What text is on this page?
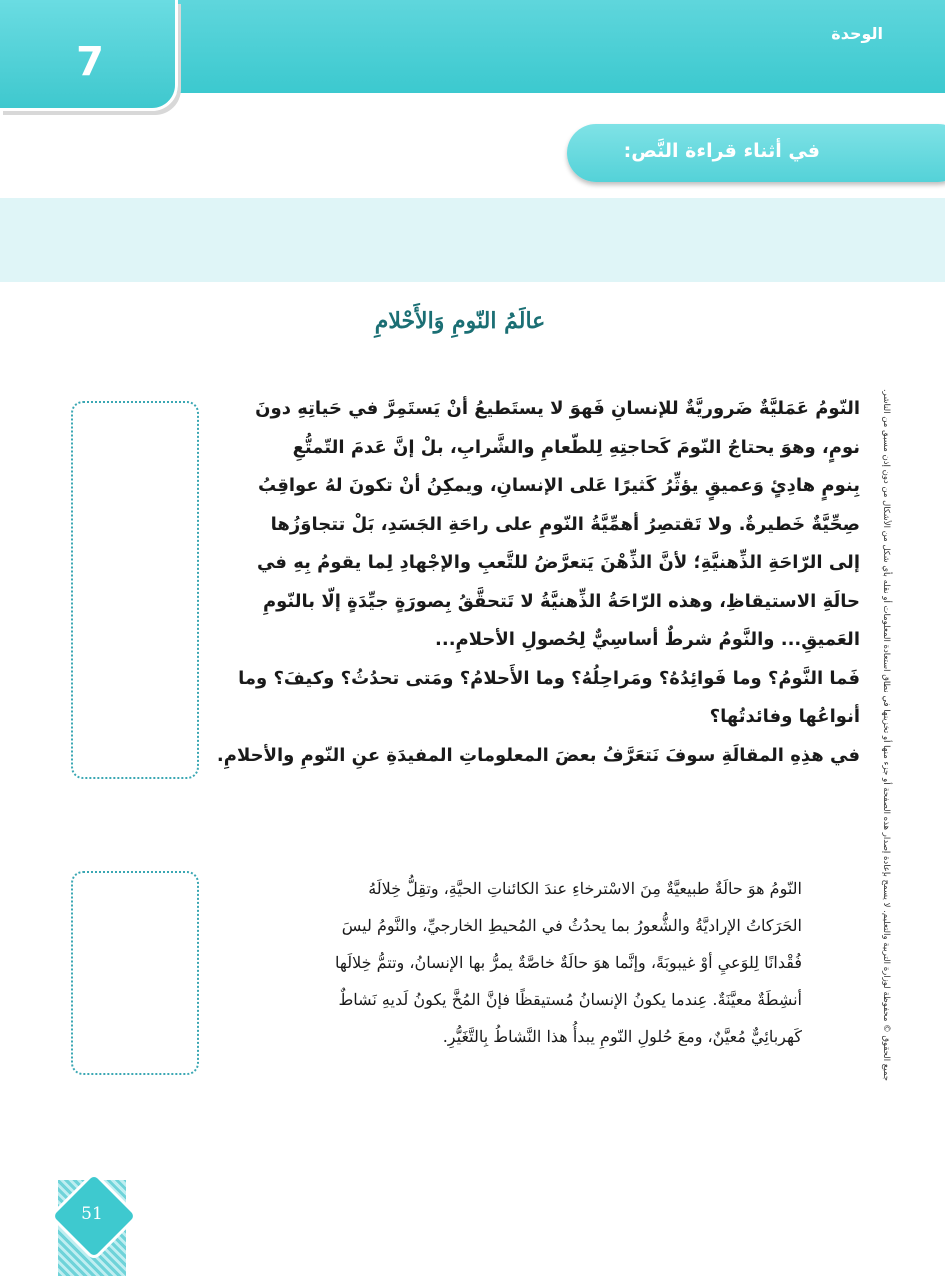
الوحدة
7
في أثناء قراءة النَّص:
جميع الحقوق © محفوظة لوزارة التربية والتعليم. لا يسمح بإعادة إصدار هذه الصفحة أو جزء منها أو تخزينها في نطاق استعادة المعلومات أو نقله بأي شكل من الأشكال من دون إذن مسبق من الناشر.
عالَمُ النّومِ وَالأَحْلامِ
النّومُ عَمَليَّةٌ ضَروريَّةٌ للإنسانِ فَهوَ لا يستَطيعُ أنْ يَستَمِرَّ في حَياتِهِ دونَ
نومٍ، وهوَ يحتاجُ النّومَ كَحاجتِهِ لِلطّعامِ والشَّرابِ، بلْ إنَّ عَدمَ التّمتُّعِ
بِنومٍ هادِئٍ وَعميقٍ يؤثِّرُ كَثيرًا عَلى الإنسانِ، ويمكِنُ أنْ تكونَ لهُ عواقِبُ
صِحِّيَّةٌ خَطيرةٌ. ولا تَقتصِرُ أهمِّيَّةُ النّومِ على راحَةِ الجَسَدِ، بَلْ تتجاوَزُها
إلى الرّاحَةِ الذِّهنيَّةِ؛ لأنَّ الذِّهْنَ يَتعرَّضُ للتَّعبِ والإجْهادِ لِما يقومُ بِهِ في
حالَةِ الاستيقاظِ، وهذه الرّاحَةُ الذِّهنيَّةُ لا تَتحقَّقُ بِصورَةٍ جيِّدَةٍ إلّا بالنّومِ
العَميقِ... والنَّومُ شرطٌ أساسِيٌّ لِحُصولِ الأحلامِ...
فَما النَّومُ؟ وما فَوائِدُهُ؟ ومَراحِلُهُ؟ وما الأَحلامُ؟ ومَتى تحدُثُ؟ وكيفَ؟ وما
أنواعُها وفائدتُها؟
في هذِهِ المقالَةِ سوفَ نَتعَرَّفُ بعضَ المعلوماتِ المفيدَةِ عنِ النّومِ والأحلامِ.
النّومُ هوَ حالَةٌ طبيعيَّةٌ مِنَ الاسْترخاءِ عندَ الكائناتِ الحيَّةِ، وتقِلُّ خِلالَهُ
الحَرَكاتُ الإراديَّةُ والشُّعورُ بما يحدُثُ في المُحيطِ الخارجيِّ، والنَّومُ ليسَ
فُقْدانًا لِلوَعيِ أوْ غيبوبَةً، وإنَّما هوَ حالَةٌ خاصَّةٌ يمرُّ بها الإنسانُ، وتتمُّ خِلالَها
أنشِطَةٌ معيَّنَةٌ. عِندما يكونُ الإنسانُ مُستيقظًا فإنَّ المُخَّ يكونُ لَديهِ نَشاطٌ
كَهربائِيٌّ مُعيَّنٌ، ومعَ حُلولِ النّومِ يبدأُ هذا النَّشاطُ بِالتَّغَيُّرِ.
51
